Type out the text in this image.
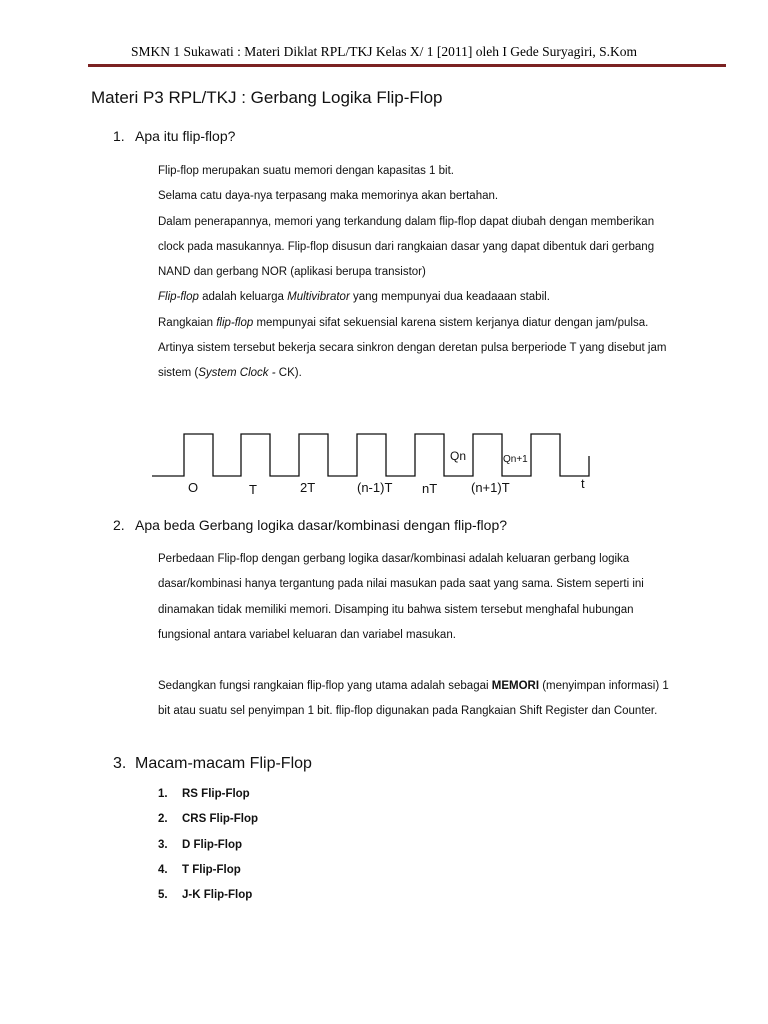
SMKN 1 Sukawati : Materi Diklat RPL/TKJ Kelas X/ 1 [2011] oleh I Gede Suryagiri, S.Kom
Materi P3 RPL/TKJ : Gerbang Logika Flip-Flop
1. Apa itu flip-flop?

Flip-flop merupakan suatu memori dengan kapasitas 1 bit.

Selama catu daya-nya terpasang maka memorinya akan bertahan.

Dalam penerapannya, memori yang terkandung dalam flip-flop dapat diubah dengan memberikan

clock pada masukannya. Flip-flop disusun dari rangkaian dasar yang dapat dibentuk dari gerbang

NAND dan gerbang NOR (aplikasi berupa transistor)

Flip-flop adalah keluarga Multivibrator yang mempunyai dua keadaaan stabil.

Rangkaian flip-flop mempunyai sifat sekuensial karena sistem kerjanya diatur dengan jam/pulsa.

Artinya sistem tersebut bekerja secara sinkron dengan deretan pulsa berperiode T yang disebut jam

sistem (System Clock - CK).

O	T	2T	(n-1)T nT	(n+1)T	t
Qn	Qn+1
2. Apa beda Gerbang logika dasar/kombinasi dengan flip-flop?

Perbedaan Flip-flop dengan gerbang logika dasar/kombinasi adalah keluaran gerbang logika

dasar/kombinasi hanya tergantung pada nilai masukan pada saat yang sama. Sistem seperti ini

dinamakan tidak memiliki memori. Disamping itu bahwa sistem tersebut menghafal hubungan

fungsional antara variabel keluaran dan variabel masukan.

Sedangkan fungsi rangkaian flip-flop yang utama adalah sebagai MEMORI (menyimpan informasi) 1

bit atau suatu sel penyimpan 1 bit. flip-flop digunakan pada Rangkaian Shift Register dan Counter.

3. Macam-macam Flip-Flop
1. RS Flip-Flop
2. CRS Flip-Flop
3. D Flip-Flop
4. T Flip-Flop
5. J-K Flip-Flop
